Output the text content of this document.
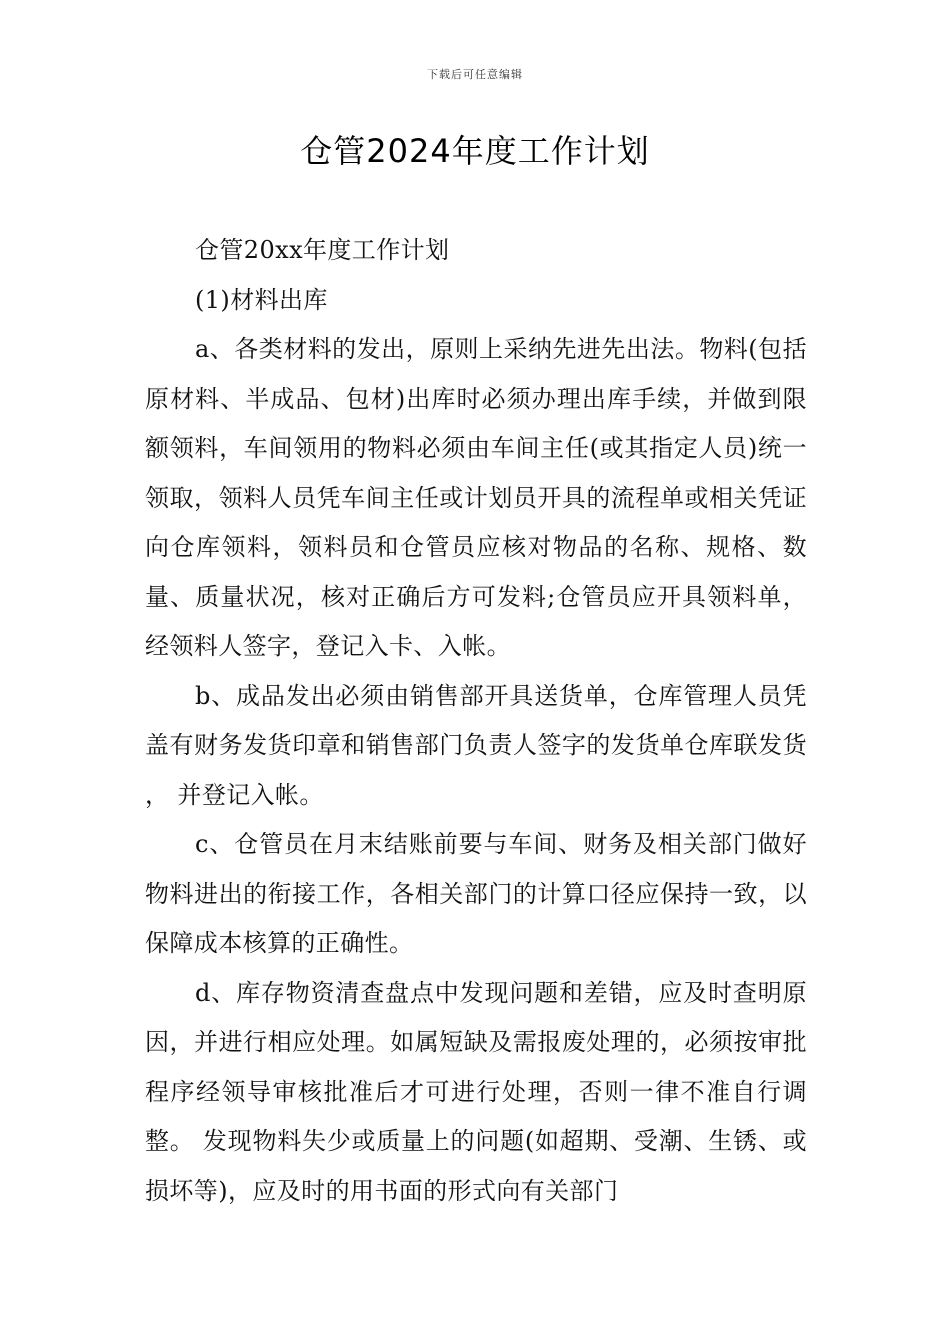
下载后可任意编辑
仓管2024年度工作计划

仓管20xx年度工作计划

(1)材料出库

a、各类材料的发出，原则上采纳先进先出法。物料(包括原材料、半成品、包材)出库时必须办理出库手续，并做到限额领料，车间领用的物料必须由车间主任(或其指定人员)统一领取，领料人员凭车间主任或计划员开具的流程单或相关凭证向仓库领料，领料员和仓管员应核对物品的名称、规格、数量、质量状况，核对正确后方可发料;仓管员应开具领料单，经领料人签字，登记入卡、入帐。

b、成品发出必须由销售部开具送货单，仓库管理人员凭盖有财务发货印章和销售部门负责人签字的发货单仓库联发货 ， 并登记入帐。

c、仓管员在月末结账前要与车间、财务及相关部门做好物料进出的衔接工作，各相关部门的计算口径应保持一致，以保障成本核算的正确性。

d、库存物资清查盘点中发现问题和差错，应及时查明原因，并进行相应处理。如属短缺及需报废处理的，必须按审批程序经领导审核批准后才可进行处理，否则一律不准自行调整。 发现物料失少或质量上的问题(如超期、受潮、生锈、或损坏等)，应及时的用书面的形式向有关部门
